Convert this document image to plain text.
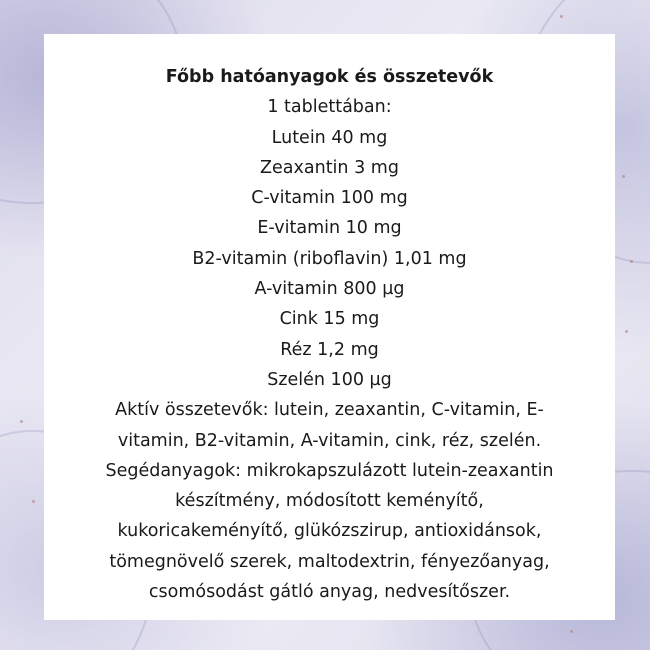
Főbb hatóanyagok és összetevők
1 tablettában:
Lutein 40 mg
Zeaxantin 3 mg
C-vitamin 100 mg
E-vitamin 10 mg
B2-vitamin (riboflavin) 1,01 mg
A-vitamin 800 µg
Cink 15 mg
Réz 1,2 mg
Szelén 100 µg
Aktív összetevők: lutein, zeaxantin, C-vitamin, E-
vitamin, B2-vitamin, A-vitamin, cink, réz, szelén.
Segédanyagok: mikrokapszulázott lutein-zeaxantin
készítmény, módosított keményítő,
kukoricakeményítő, glükózszirup, antioxidánsok,
tömegnövelő szerek, maltodextrin, fényezőanyag,
csomósodást gátló anyag, nedvesítőszer.
